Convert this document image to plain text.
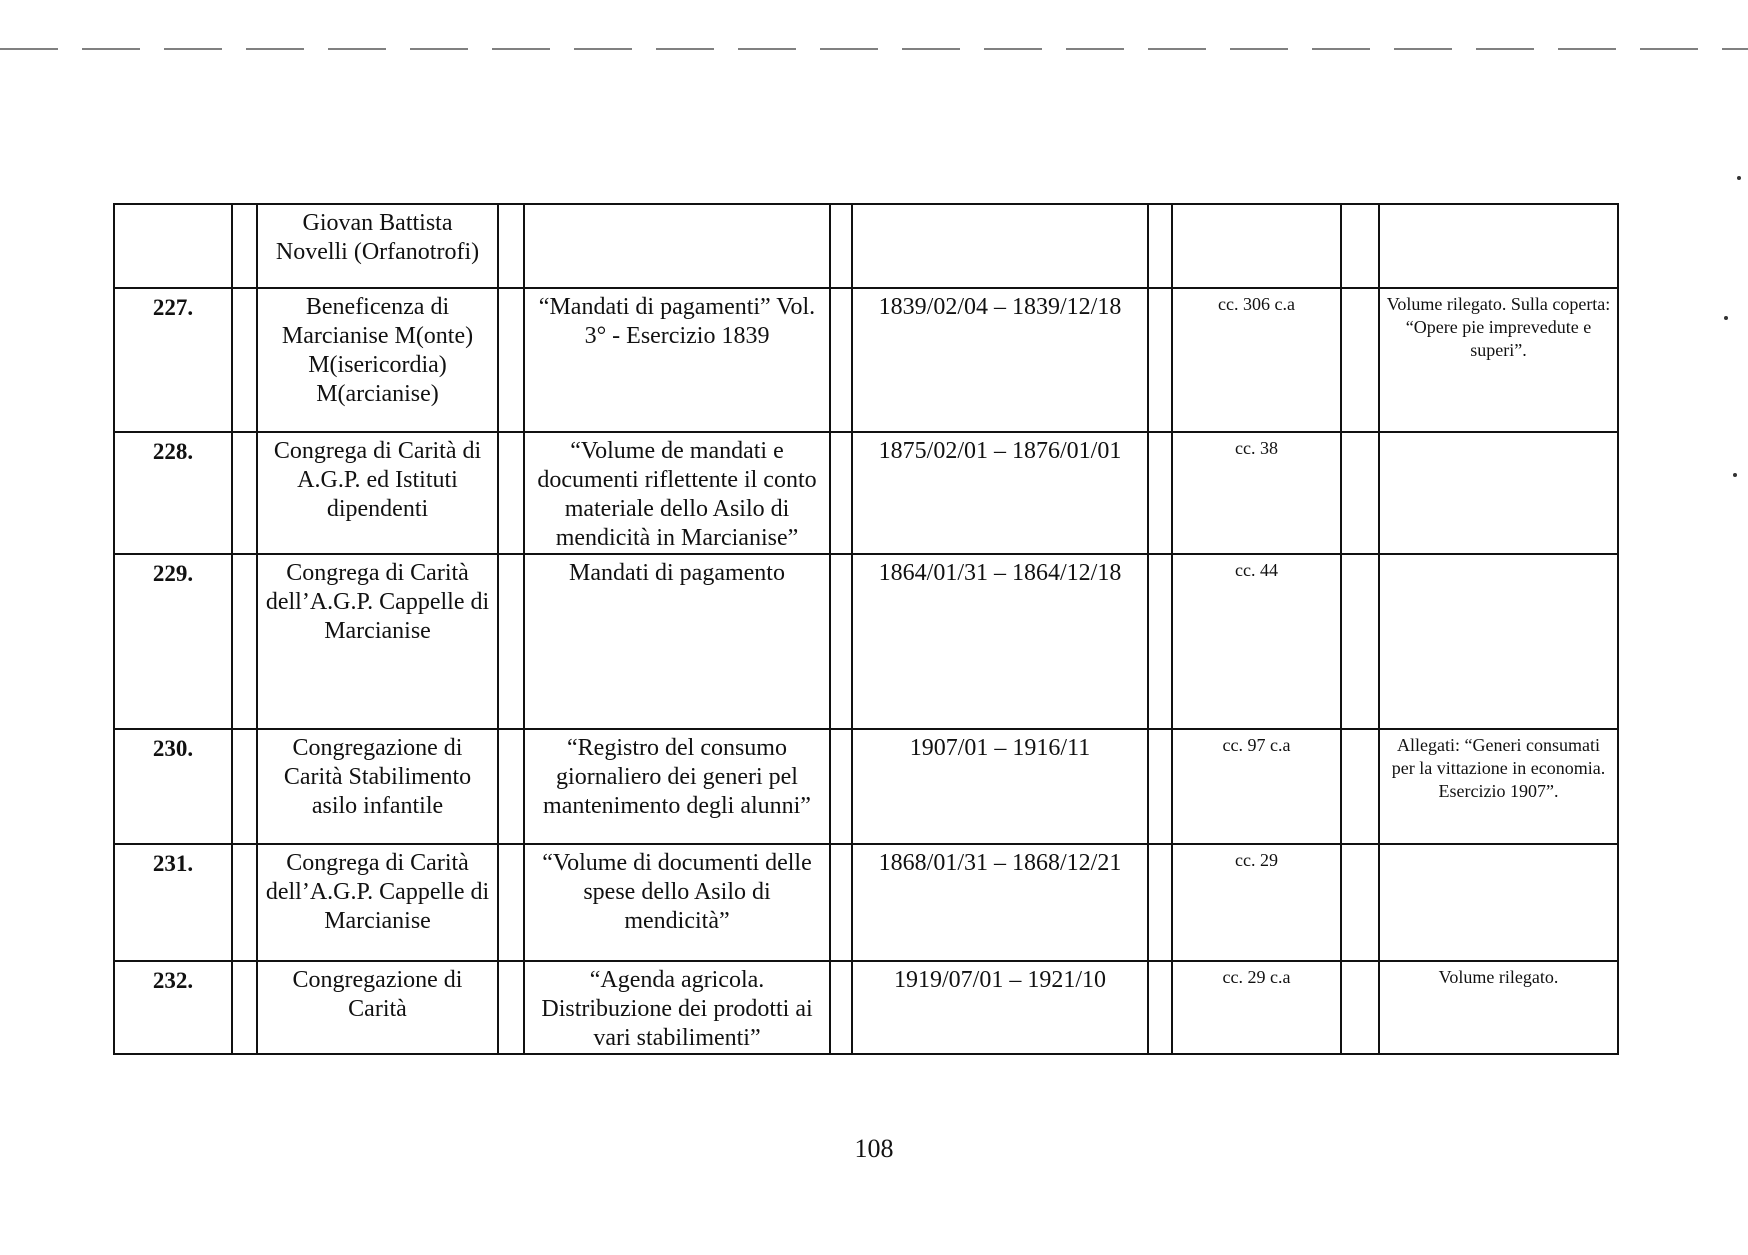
		Giovan Battista Novelli (Orfanotrofi)								
227.		Beneficenza di Marcianise M(onte) M(isericordia) M(arcianise)		“Mandati di pagamenti” Vol. 3° - Esercizio 1839		1839/02/04 – 1839/12/18		cc. 306 c.a		Volume rilegato. Sulla coperta: “Opere pie imprevedute e superi”.
228.		Congrega di Carità di A.G.P. ed Istituti dipendenti		“Volume de mandati e documenti riflettente il conto materiale dello Asilo di mendicità in Marcianise”		1875/02/01 – 1876/01/01		cc. 38		
229.		Congrega di Carità dell’A.G.P. Cappelle di Marcianise		Mandati di pagamento		1864/01/31 – 1864/12/18		cc. 44		
230.		Congregazione di Carità Stabilimento asilo infantile		“Registro del consumo giornaliero dei generi pel mantenimento degli alunni”		1907/01 – 1916/11		cc. 97 c.a		Allegati: “Generi consumati per la vittazione in economia. Esercizio 1907”.
231.		Congrega di Carità dell’A.G.P. Cappelle di Marcianise		“Volume di documenti delle spese dello Asilo di mendicità”		1868/01/31 – 1868/12/21		cc. 29		
232.		Congregazione di Carità		“Agenda agricola. Distribuzione dei prodotti ai vari stabilimenti”		1919/07/01 – 1921/10		cc. 29 c.a		Volume rilegato.
108
